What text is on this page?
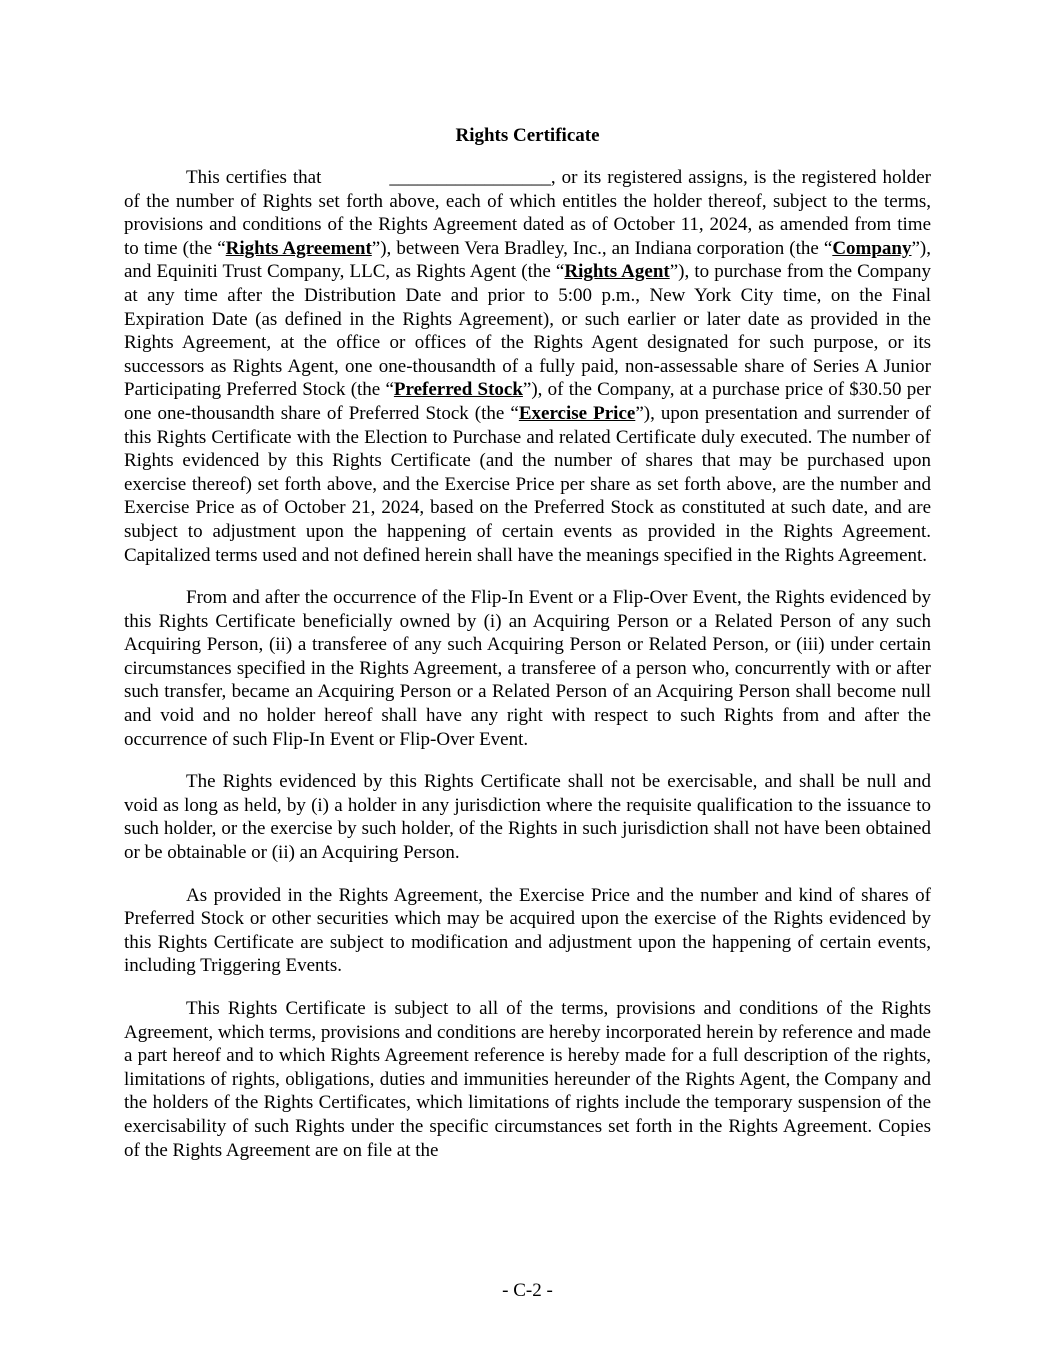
Rights Certificate

This certifies that	_________________, or its registered assigns, is the registered holder of the number of Rights set forth above, each of which entitles the holder thereof, subject to the terms, provisions and conditions of the Rights Agreement dated as of October 11, 2024, as amended from time to time (the “Rights Agreement”), between Vera Bradley, Inc., an Indiana corporation (the “Company”), and Equiniti Trust Company, LLC, as Rights Agent (the “Rights Agent”), to purchase from the Company at any time after the Distribution Date and prior to 5:00 p.m., New York City time, on the Final Expiration Date (as defined in the Rights Agreement), or such earlier or later date as provided in the Rights Agreement, at the office or offices of the Rights Agent designated for such purpose, or its successors as Rights Agent, one one-thousandth of a fully paid, non-assessable share of Series A Junior Participating Preferred Stock (the “Preferred Stock”), of the Company, at a purchase price of $30.50 per one one-thousandth share of Preferred Stock (the “Exercise Price”), upon presentation and surrender of this Rights Certificate with the Election to Purchase and related Certificate duly executed. The number of Rights evidenced by this Rights Certificate (and the number of shares that may be purchased upon exercise thereof) set forth above, and the Exercise Price per share as set forth above, are the number and Exercise Price as of October 21, 2024, based on the Preferred Stock as constituted at such date, and are subject to adjustment upon the happening of certain events as provided in the Rights Agreement. Capitalized terms used and not defined herein shall have the meanings specified in the Rights Agreement.

From and after the occurrence of the Flip-In Event or a Flip-Over Event, the Rights evidenced by this Rights Certificate beneficially owned by (i) an Acquiring Person or a Related Person of any such Acquiring Person, (ii) a transferee of any such Acquiring Person or Related Person, or (iii) under certain circumstances specified in the Rights Agreement, a transferee of a person who, concurrently with or after such transfer, became an Acquiring Person or a Related Person of an Acquiring Person shall become null and void and no holder hereof shall have any right with respect to such Rights from and after the occurrence of such Flip-In Event or Flip-Over Event.

The Rights evidenced by this Rights Certificate shall not be exercisable, and shall be null and void as long as held, by (i) a holder in any jurisdiction where the requisite qualification to the issuance to such holder, or the exercise by such holder, of the Rights in such jurisdiction shall not have been obtained or be obtainable or (ii) an Acquiring Person.

As provided in the Rights Agreement, the Exercise Price and the number and kind of shares of Preferred Stock or other securities which may be acquired upon the exercise of the Rights evidenced by this Rights Certificate are subject to modification and adjustment upon the happening of certain events, including Triggering Events.

This Rights Certificate is subject to all of the terms, provisions and conditions of the Rights Agreement, which terms, provisions and conditions are hereby incorporated herein by reference and made a part hereof and to which Rights Agreement reference is hereby made for a full description of the rights, limitations of rights, obligations, duties and immunities hereunder of the Rights Agent, the Company and the holders of the Rights Certificates, which limitations of rights include the temporary suspension of the exercisability of such Rights under the specific circumstances set forth in the Rights Agreement. Copies of the Rights Agreement are on file at the

- C-2 -
